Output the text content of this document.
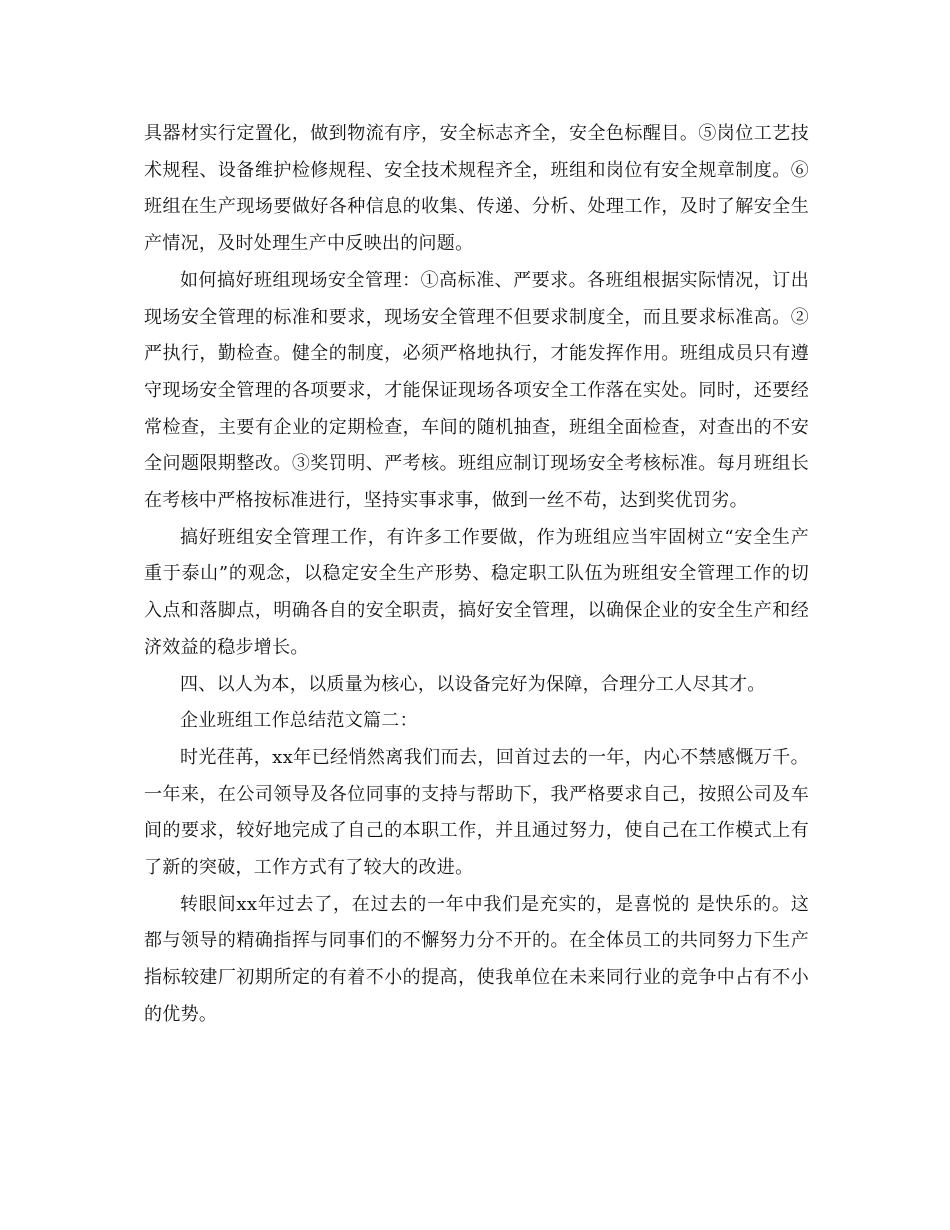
具器材实行定置化，做到物流有序，安全标志齐全，安全色标醒目。⑤岗位工艺技术规程、设备维护检修规程、安全技术规程齐全，班组和岗位有安全规章制度。⑥班组在生产现场要做好各种信息的收集、传递、分析、处理工作，及时了解安全生产情况，及时处理生产中反映出的问题。

如何搞好班组现场安全管理：①高标准、严要求。各班组根据实际情况，订出现场安全管理的标准和要求，现场安全管理不但要求制度全，而且要求标准高。②严执行，勤检查。健全的制度，必须严格地执行，才能发挥作用。班组成员只有遵守现场安全管理的各项要求，才能保证现场各项安全工作落在实处。同时，还要经常检查，主要有企业的定期检查，车间的随机抽查，班组全面检查，对查出的不安全问题限期整改。③奖罚明、严考核。班组应制订现场安全考核标准。每月班组长在考核中严格按标准进行，坚持实事求事，做到一丝不苟，达到奖优罚劣。

搞好班组安全管理工作，有许多工作要做，作为班组应当牢固树立“安全生产重于泰山”的观念，以稳定安全生产形势、稳定职工队伍为班组安全管理工作的切入点和落脚点，明确各自的安全职责，搞好安全管理，以确保企业的安全生产和经济效益的稳步增长。

四、以人为本，以质量为核心，以设备完好为保障，合理分工人尽其才。

企业班组工作总结范文篇二：

时光荏苒，xx年已经悄然离我们而去，回首过去的一年，内心不禁感慨万千。一年来，在公司领导及各位同事的支持与帮助下，我严格要求自己，按照公司及车间的要求，较好地完成了自己的本职工作，并且通过努力，使自己在工作模式上有了新的突破，工作方式有了较大的改进。

转眼间xx年过去了，在过去的一年中我们是充实的，是喜悦的 是快乐的。这都与领导的精确指挥与同事们的不懈努力分不开的。在全体员工的共同努力下生产指标较建厂初期所定的有着不小的提高，使我单位在未来同行业的竞争中占有不小的优势。
